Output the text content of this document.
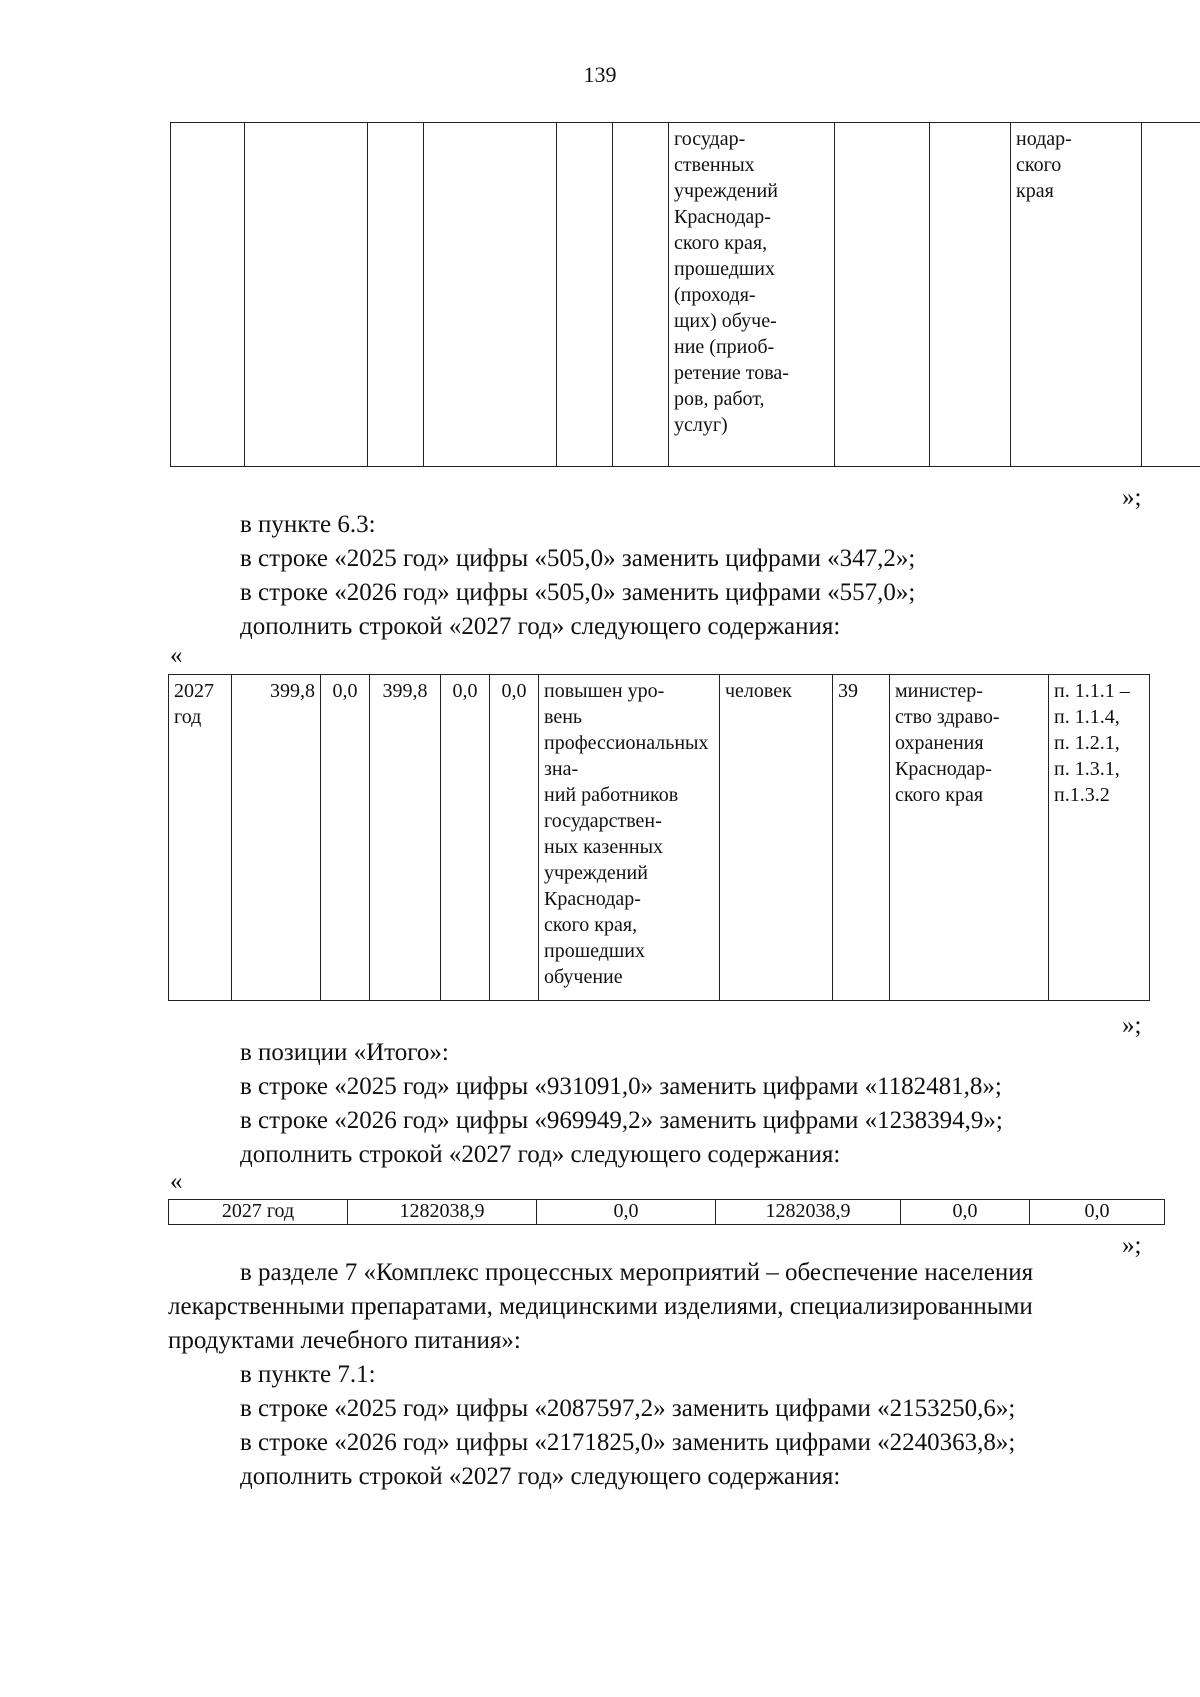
139
						государ-
ственных
учреждений
Краснодар-
ского края,
прошедших
(проходя-
щих) обуче-
ние (приоб-
ретение това-
ров, работ,
услуг)			нодар-
ского
края	
»;
в пункте 6.3:
в строке «2025 год» цифры «505,0» заменить цифрами «347,2»;
в строке «2026 год» цифры «505,0» заменить цифрами «557,0»;
дополнить строкой «2027 год» следующего содержания:
«
2027
год	399,8	0,0	399,8	0,0	0,0	повышен уро-
вень профессиональных зна-
ний работников
государствен-
ных казенных
учреждений
Краснодар-
ского края,
прошедших
обучение	человек	39	министер-
ство здраво-
охранения
Краснодар-
ского края	п. 1.1.1 –
п. 1.1.4,
п. 1.2.1,
п. 1.3.1,
п.1.3.2
»;
в позиции «Итого»:
в строке «2025 год» цифры «931091,0» заменить цифрами «1182481,8»;
в строке «2026 год» цифры «969949,2» заменить цифрами «1238394,9»;
дополнить строкой «2027 год» следующего содержания:
«
2027 год	1282038,9	0,0	1282038,9	0,0	0,0
»;
в разделе 7 «Комплекс процессных мероприятий – обеспечение населения
лекарственными препаратами, медицинскими изделиями, специализированными
продуктами лечебного питания»:
в пункте 7.1:
в строке «2025 год» цифры «2087597,2» заменить цифрами «2153250,6»;
в строке «2026 год» цифры «2171825,0» заменить цифрами «2240363,8»;
дополнить строкой «2027 год» следующего содержания:
